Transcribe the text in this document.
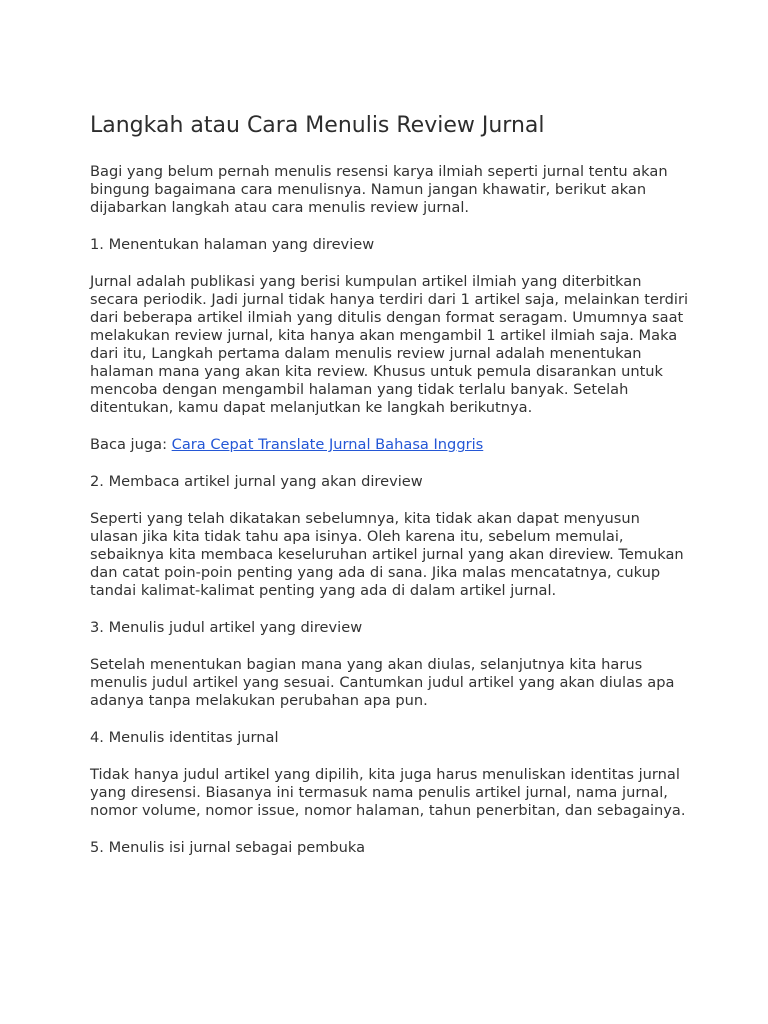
Langkah atau Cara Menulis Review Jurnal

Bagi yang belum pernah menulis resensi karya ilmiah seperti jurnal tentu akan bingung bagaimana cara menulisnya. Namun jangan khawatir, berikut akan dijabarkan langkah atau cara menulis review jurnal.

1. Menentukan halaman yang direview

Jurnal adalah publikasi yang berisi kumpulan artikel ilmiah yang diterbitkan secara periodik. Jadi jurnal tidak hanya terdiri dari 1 artikel saja, melainkan terdiri dari beberapa artikel ilmiah yang ditulis dengan format seragam. Umumnya saat melakukan review jurnal, kita hanya akan mengambil 1 artikel ilmiah saja. Maka dari itu, Langkah pertama dalam menulis review jurnal adalah menentukan halaman mana yang akan kita review. Khusus untuk pemula disarankan untuk mencoba dengan mengambil halaman yang tidak terlalu banyak. Setelah ditentukan, kamu dapat melanjutkan ke langkah berikutnya.

Baca juga: Cara Cepat Translate Jurnal Bahasa Inggris

2. Membaca artikel jurnal yang akan direview

Seperti yang telah dikatakan sebelumnya, kita tidak akan dapat menyusun ulasan jika kita tidak tahu apa isinya. Oleh karena itu, sebelum memulai, sebaiknya kita membaca keseluruhan artikel jurnal yang akan direview. Temukan dan catat poin-poin penting yang ada di sana. Jika malas mencatatnya, cukup tandai kalimat-kalimat penting yang ada di dalam artikel jurnal.

3. Menulis judul artikel yang direview

Setelah menentukan bagian mana yang akan diulas, selanjutnya kita harus menulis judul artikel yang sesuai. Cantumkan judul artikel yang akan diulas apa adanya tanpa melakukan perubahan apa pun.

4. Menulis identitas jurnal

Tidak hanya judul artikel yang dipilih, kita juga harus menuliskan identitas jurnal yang diresensi. Biasanya ini termasuk nama penulis artikel jurnal, nama jurnal, nomor volume, nomor issue, nomor halaman, tahun penerbitan, dan sebagainya.

5. Menulis isi jurnal sebagai pembuka
